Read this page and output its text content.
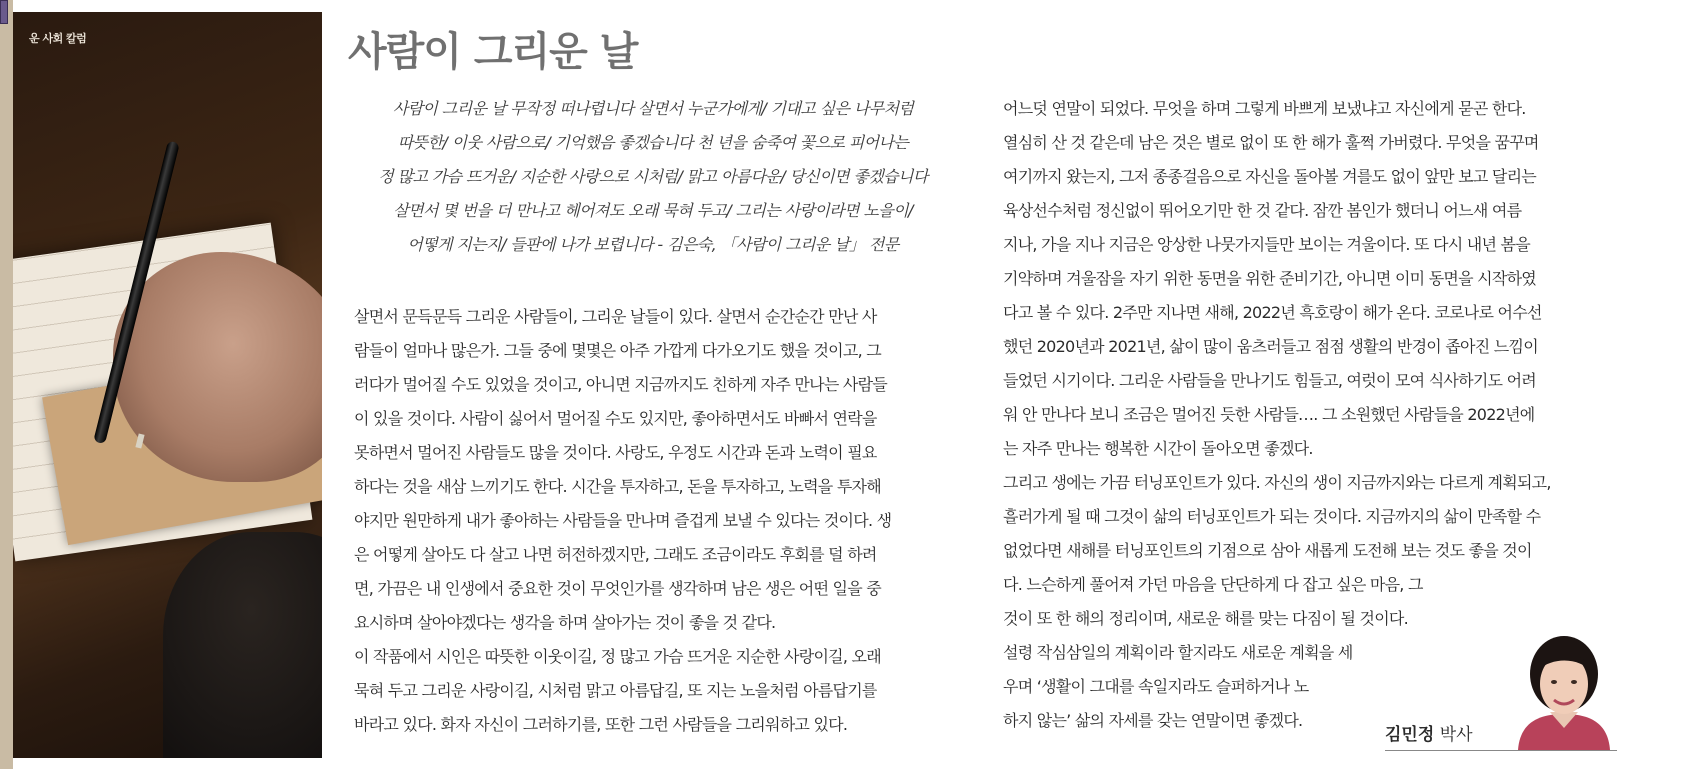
운 사회 칼럼	사람이 그리운 날
사람이 그리운 날 무작정 떠나렵니다 살면서 누군가에게/ 기대고 싶은 나무처럼
따뜻한/ 이웃 사람으로/ 기억했음 좋겠습니다 천 년을 숨죽여 꽃으로 피어나는
정 많고 가슴 뜨거운/ 지순한 사랑으로 시처럼/ 맑고 아름다운/ 당신이면 좋겠습니다
살면서 몇 번을 더 만나고 헤어져도 오래 묵혀 두고/ 그리는 사랑이라면 노을이/
어떻게 지는지/ 들판에 나가 보렵니다 - 김은숙, 「사람이 그리운 날」 전문
살면서 문득문득 그리운 사람들이, 그리운 날들이 있다. 살면서 순간순간 만난 사
람들이 얼마나 많은가. 그들 중에 몇몇은 아주 가깝게 다가오기도 했을 것이고, 그
러다가 멀어질 수도 있었을 것이고, 아니면 지금까지도 친하게 자주 만나는 사람들
이 있을 것이다. 사람이 싫어서 멀어질 수도 있지만, 좋아하면서도 바빠서 연락을
못하면서 멀어진 사람들도 많을 것이다. 사랑도, 우정도 시간과 돈과 노력이 필요
하다는 것을 새삼 느끼기도 한다. 시간을 투자하고, 돈을 투자하고, 노력을 투자해
야지만 원만하게 내가 좋아하는 사람들을 만나며 즐겁게 보낼 수 있다는 것이다. 생
은 어떻게 살아도 다 살고 나면 허전하겠지만, 그래도 조금이라도 후회를 덜 하려
면, 가끔은 내 인생에서 중요한 것이 무엇인가를 생각하며 남은 생은 어떤 일을 중
요시하며 살아야겠다는 생각을 하며 살아가는 것이 좋을 것 같다.
이 작품에서 시인은 따뜻한 이웃이길, 정 많고 가슴 뜨거운 지순한 사랑이길, 오래
묵혀 두고 그리운 사랑이길, 시처럼 맑고 아름답길, 또 지는 노을처럼 아름답기를
바라고 있다. 화자 자신이 그러하기를, 또한 그런 사람들을 그리워하고 있다.
어느덧 연말이 되었다. 무엇을 하며 그렇게 바쁘게 보냈냐고 자신에게 묻곤 한다.
열심히 산 것 같은데 남은 것은 별로 없이 또 한 해가 훌쩍 가버렸다. 무엇을 꿈꾸며
여기까지 왔는지, 그저 종종걸음으로 자신을 돌아볼 겨를도 없이 앞만 보고 달리는
육상선수처럼 정신없이 뛰어오기만 한 것 같다. 잠깐 봄인가 했더니 어느새 여름
지나, 가을 지나 지금은 앙상한 나뭇가지들만 보이는 겨울이다. 또 다시 내년 봄을
기약하며 겨울잠을 자기 위한 동면을 위한 준비기간, 아니면 이미 동면을 시작하였
다고 볼 수 있다. 2주만 지나면 새해, 2022년 흑호랑이 해가 온다. 코로나로 어수선
했던 2020년과 2021년, 삶이 많이 움츠러들고 점점 생활의 반경이 좁아진 느낌이
들었던 시기이다. 그리운 사람들을 만나기도 힘들고, 여럿이 모여 식사하기도 어려
워 안 만나다 보니 조금은 멀어진 듯한 사람들…. 그 소원했던 사람들을 2022년에
는 자주 만나는 행복한 시간이 돌아오면 좋겠다.
그리고 생에는 가끔 터닝포인트가 있다. 자신의 생이 지금까지와는 다르게 계획되고,
흘러가게 될 때 그것이 삶의 터닝포인트가 되는 것이다. 지금까지의 삶이 만족할 수
없었다면 새해를 터닝포인트의 기점으로 삼아 새롭게 도전해 보는 것도 좋을 것이
다. 느슨하게 풀어져 가던 마음을 단단하게 다 잡고 싶은 마음, 그
것이 또 한 해의 정리이며, 새로운 해를 맞는 다짐이 될 것이다.
설령 작심삼일의 계획이라 할지라도 새로운 계획을 세
우며 ‘생활이 그대를 속일지라도 슬퍼하거나 노
하지 않는’ 삶의 자세를 갖는 연말이면 좋겠다.
김민정 박사
